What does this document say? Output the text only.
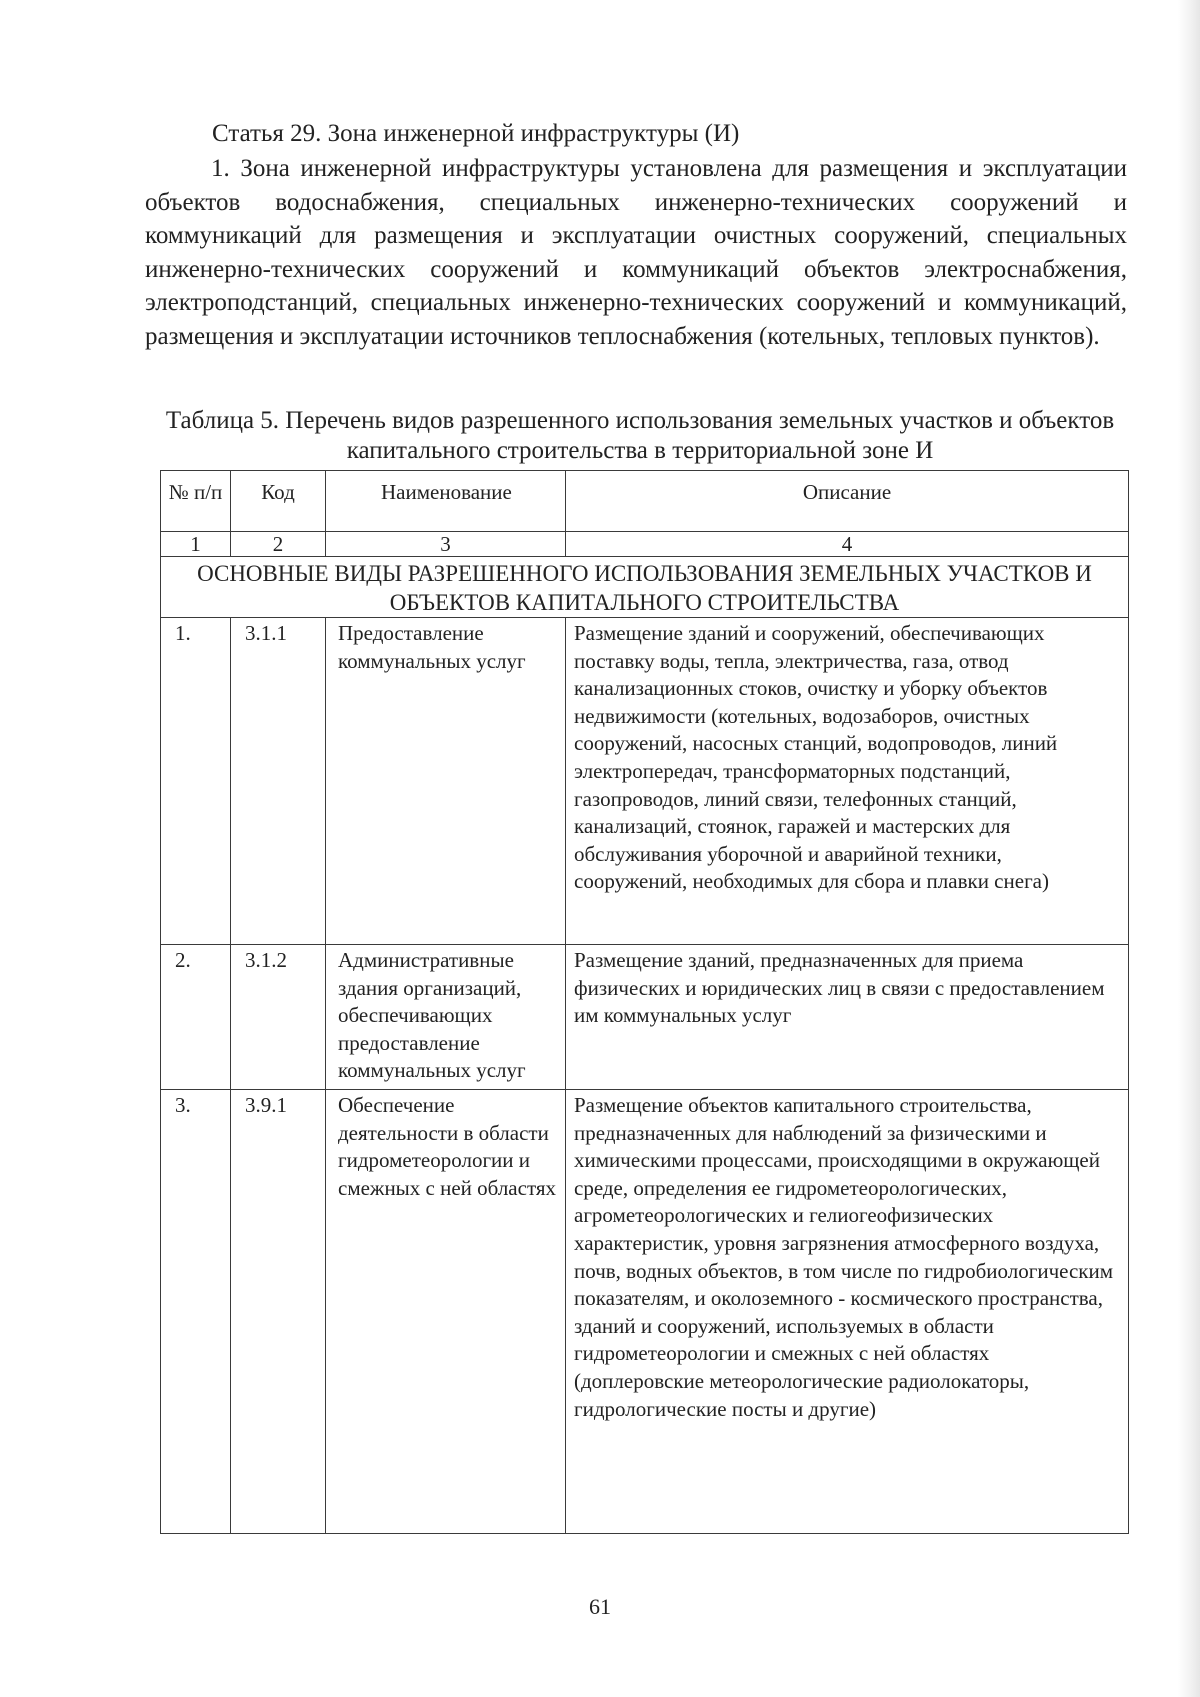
Статья 29. Зона инженерной инфраструктуры (И)

1. Зона инженерной инфраструктуры установлена для размещения и эксплуатации объектов водоснабжения, специальных инженерно-технических сооружений и коммуникаций для размещения и эксплуатации очистных сооружений, специальных инженерно-технических сооружений и коммуникаций объектов электроснабжения, электроподстанций, специальных инженерно-технических сооружений и коммуникаций, размещения и эксплуатации источников теплоснабжения (котельных, тепловых пунктов).

Таблица 5. Перечень видов разрешенного использования земельных участков и объектов капитального строительства в территориальной зоне И

№ п/п	Код	Наименование	Описание
1	2	3	4
ОСНОВНЫЕ ВИДЫ РАЗРЕШЕННОГО ИСПОЛЬЗОВАНИЯ ЗЕМЕЛЬНЫХ УЧАСТКОВ И ОБЪЕКТОВ КАПИТАЛЬНОГО СТРОИТЕЛЬСТВА			
1.	3.1.1	Предоставление коммунальных услуг	Размещение зданий и сооружений, обеспечивающих поставку воды, тепла, электричества, газа, отвод канализационных стоков, очистку и уборку объектов недвижимости (котельных, водозаборов, очистных сооружений, насосных станций, водопроводов, линий электропередач, трансформаторных подстанций, газопроводов, линий связи, телефонных станций, канализаций, стоянок, гаражей и мастерских для обслуживания уборочной и аварийной техники, сооружений, необходимых для сбора и плавки снега)
2.	3.1.2	Административные здания организаций, обеспечивающих предоставление коммунальных услуг	Размещение зданий, предназначенных для приема физических и юридических лиц в связи с предоставлением им коммунальных услуг
3.	3.9.1	Обеспечение деятельности в области гидрометеорологии и смежных с ней областях	Размещение объектов капитального строительства, предназначенных для наблюдений за физическими и химическими процессами, происходящими в окружающей среде, определения ее гидрометеорологических, агрометеорологических и гелиогеофизических характеристик, уровня загрязнения атмосферного воздуха, почв, водных объектов, в том числе по гидробиологическим показателям, и околоземного - космического пространства, зданий и сооружений, используемых в области гидрометеорологии и смежных с ней областях (доплеровские метеорологические радиолокаторы, гидрологические посты и другие)
61
